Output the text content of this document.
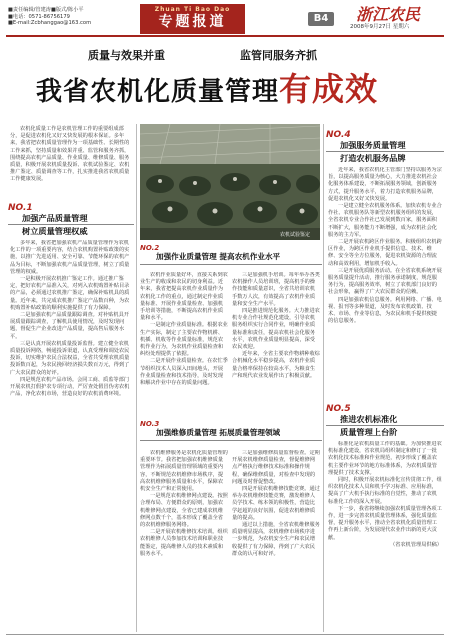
■责任编辑/管建涛■版式/陈小平
■电话：0571-86756179
■E-mail:Zcbhanggao@163.com
Zhuan Ti Bao Dao
专题报道	B4	浙江农民
2008年9月27日 星期六
质量与效果并重	监管同服务齐抓
我省农机化质量管理有成效

农机化质量工作是农机管理工作的重要组成部分，是促进农机化又好又快发展的根本保证。多年来，我省把农机质量管理作为一项基础性、长期性的工作来抓，坚持质量和效果并重、监管和服务齐抓，围绕提高农机产品质量、作业质量、维修质量、服务质量，积极开展农机质量投诉、农机试验鉴定、农机推广鉴定、质量调查等工作，扎实推进我省农机质量工作健康发展。

NO.1
加强产品质量管理
树立质量管理权威

多年来，我省把加强农机产品质量管理作为农机化工作的一项重要内容，结合农机购置补贴政策的实施，以推广先进适用、安全可靠、节能环保的农机产品为目标，不断加强农机产品质量管理，树立了质量管理的权威。

一是积极开展农机推广鉴定工作。通过推广鉴定，把好农机产品准入关，对列入农机购置补贴目录的产品，必须通过农机推广鉴定，确保补贴机具的质量。近年来，共完成农机推广鉴定产品数百种，为农机购置补贴政策的顺利实施提供了有力保障。

二是加强农机产品质量跟踪调查。对补贴机具开展质量跟踪调查，了解机具使用情况，及时发现问题，督促生产企业改进产品质量，提高售后服务水平。

三是认真开展农机质量投诉监督。建立健全农机质量投诉网络，畅通投诉渠道，认真受理和调处农民投诉，切实维护农民合法权益，全省共受理农机质量投诉数百起，为农民挽回经济损失数百万元，得到了广大农民群众的好评。

四是规范农机产品市场。会同工商、质监等部门开展农机打假护农专项行动，严厉查处假冒伪劣农机产品，净化农机市场，营造良好的农机消费环境。

农机试验鉴定
NO.2
加强作业质量管理 提高农机作业水平

农机作业质量好坏，直接关系到农业生产的收成和农民的切身利益。近年来，我省把提高农机作业质量作为农机化工作的重点，通过制定作业质量标准、开展作业质量检查、加强机手培训等措施，不断提高农机作业质量和水平。

一是制定作业质量标准。根据农业生产实际，制定了主要农作物机耕、机插、机收等作业质量标准，规范农机作业行为，为农机作业质量检查和纠纷处理提供了依据。

二是开展作业质量检查。在农忙季节组织技术人员深入田间地头，开展作业质量检查和技术指导，及时发现和解决作业中存在的质量问题。

三是加强机手培训。每年举办各类农机操作人员培训班，提高机手的操作技能和质量意识，全省共培训农机手数万人次，有效提高了农机作业质量和安全生产水平。

四是推进规范化服务。大力推进农机专业合作社规范化建设，引导农机服务组织实行合同作业，明确作业质量标准和责任，提高农机社会化服务水平，农机作业质量明显提高，深受农民欢迎。

近年来，全省主要农作物耕种收综合机械化水平稳步提高，农机作业质量合格率保持在较高水平，为粮食生产和现代农业发展作出了积极贡献。

NO.3
加强维修质量管理 拓展质量管理领域

农机维修服务是农机化质量管理的重要环节。我省把加强农机维修质量管理作为拓展质量管理领域的重要内容，不断规范农机维修市场秩序，提高农机维修服务质量和水平，保障农机安全生产和正常使用。

一是规范农机维修网点建设。按照合理布局、方便群众的原则，加强农机维修网点建设，全省已建成农机维修网点数千个，基本形成了覆盖全省的农机维修服务网络。

二是开展农机维修技术培训。组织农机维修人员参加技术培训和职业技能鉴定，提高维修人员的技术素质和服务水平。

三是加强维修质量监督检查。定期开展农机维修质量检查，督促维修网点严格执行维修技术标准和操作规程，确保维修质量，对检查中发现的问题及时督促整改。

四是开展农机维修技能竞赛。通过举办农机维修技能竞赛，激发维修人员学技术、练本领的积极性，营造比学赶超的良好氛围，促进农机维修质量的提高。

通过以上措施，全省农机维修服务质量明显提高，农机维修市场秩序进一步规范，为农机安全生产和农民增收提供了有力保障，得到了广大农民群众的认可和好评。

NO.4
加强服务质量管理
打造农机服务品牌

近年来，我省农机化主管部门坚持以服务为宗旨，以提高服务质量为核心，大力推进农机社会化服务体系建设，不断拓展服务领域，创新服务方式，提升服务水平，着力打造农机服务品牌，促进农机化又好又快发展。

一是建立健全农机服务体系。加快农机专业合作社、农机服务队等新型农机服务组织的发展，全省农机专业合作社已发展到数百家，服务面积不断扩大，服务能力不断增强，成为农机社会化服务的主力军。

二是开展农机跨区作业服务。积极组织农机跨区作业，为跨区作业机手提供信息、技术、维修、安全等全方位服务，促进农机资源的合理流动和高效利用，增加机手收入。

三是开展优质服务活动。在全省农机系统开展服务质量提升活动，推行服务承诺制度，规范服务行为，提高服务效率，树立了农机部门良好的社会形象，赢得了广大农民群众的信赖。

四是加强农机信息服务。利用网络、广播、电视、报刊等多种渠道，及时发布农机政策、技术、市场、作业等信息，为农民和机手提供便捷的信息服务。

NO.5
推进农机标准化
质量管理上台阶

标准化是农机质量工作的基础。为加快推进农机标准化建设，省农机局组织制定和修订了一批农机化技术标准和作业规范，初步形成了覆盖农机主要作业环节的地方标准体系，为农机质量管理提供了技术支撑。

同时，积极开展农机标准化宣传贯彻工作，组织农机化技术人员和机手学习标准、应用标准，提高了广大机手执行标准的自觉性，推动了农机标准化工作的深入开展。

下一步，我省将继续加强农机质量管理各项工作，进一步完善农机质量管理体系，强化质量监督，提升服务水平，推动全省农机化质量管理工作再上新台阶，为发展现代农业作出新的更大贡献。

（省农机管理局供稿）
